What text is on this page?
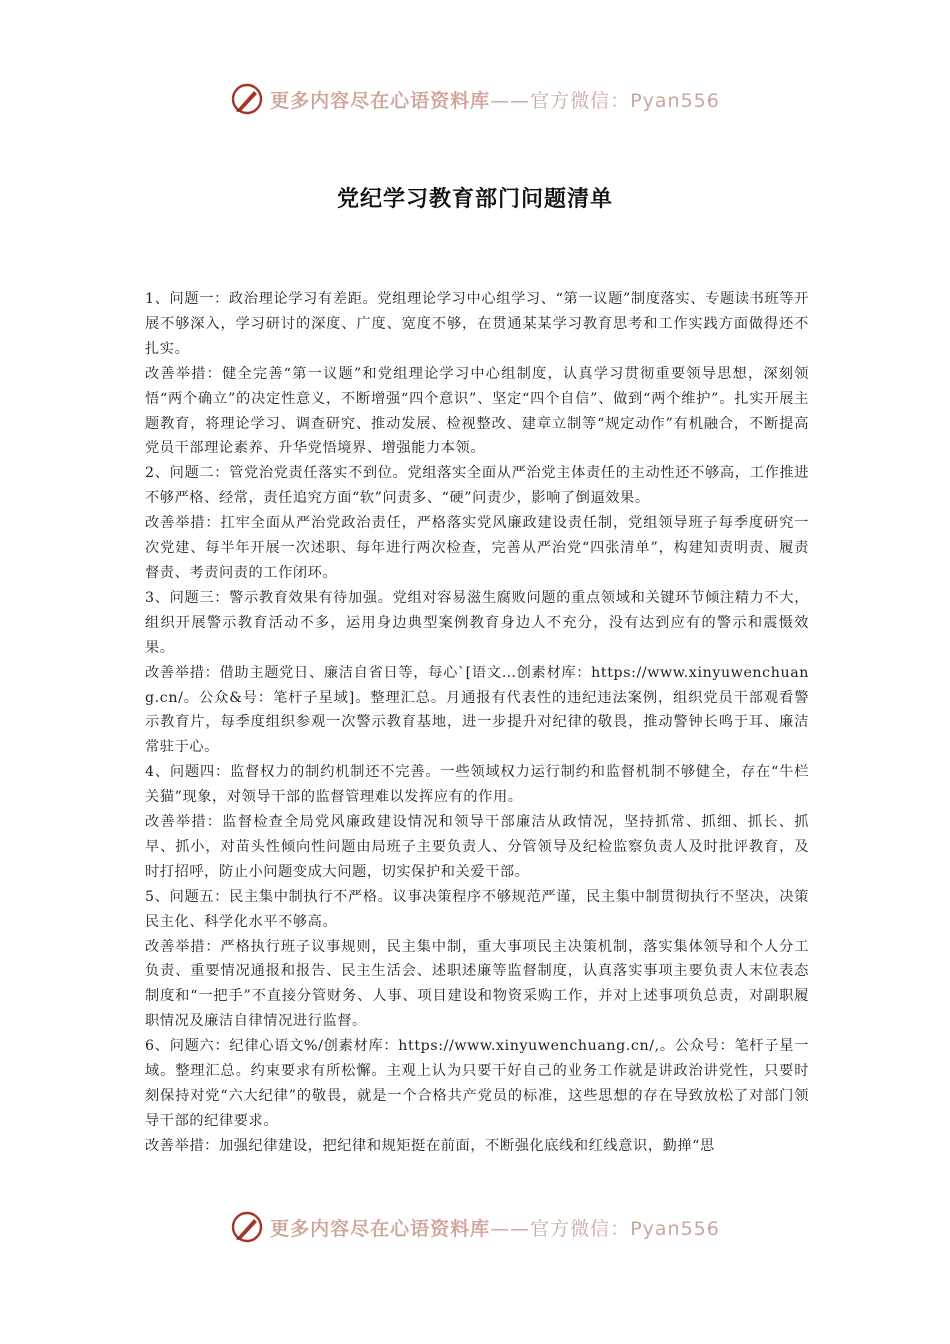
更多内容尽在心语资料库——官方微信：Pyan556
党纪学习教育部门问题清单

1、问题一：政治理论学习有差距。党组理论学习中心组学习、“第一议题”制度落实、专题读书班等开展不够深入，学习研讨的深度、广度、宽度不够，在贯通某某学习教育思考和工作实践方面做得还不扎实。

改善举措：健全完善“第一议题”和党组理论学习中心组制度，认真学习贯彻重要领导思想，深刻领悟“两个确立”的决定性意义，不断增强“四个意识”、坚定“四个自信”、做到“两个维护”。扎实开展主题教育，将理论学习、调查研究、推动发展、检视整改、建章立制等“规定动作”有机融合，不断提高党员干部理论素养、升华党悟境界、增强能力本领。

2、问题二：管党治党责任落实不到位。党组落实全面从严治党主体责任的主动性还不够高，工作推进不够严格、经常，责任追究方面“软”问责多、“硬”问责少，影响了倒逼效果。

改善举措：扛牢全面从严治党政治责任，严格落实党风廉政建设责任制，党组领导班子每季度研究一次党建、每半年开展一次述职、每年进行两次检查，完善从严治党“四张清单”，构建知责明责、履责督责、考责问责的工作闭环。

3、问题三：警示教育效果有待加强。党组对容易滋生腐败问题的重点领域和关键环节倾注精力不大，组织开展警示教育活动不多，运用身边典型案例教育身边人不充分，没有达到应有的警示和震慑效果。

改善举措：借助主题党日、廉洁自省日等，每心`[语文…创素材库：https://www.xinyuwenchuang.cn/。公众&号：笔杆子星域]。整理汇总。月通报有代表性的违纪违法案例，组织党员干部观看警示教育片，每季度组织参观一次警示教育基地，进一步提升对纪律的敬畏，推动警钟长鸣于耳、廉洁常驻于心。

4、问题四：监督权力的制约机制还不完善。一些领域权力运行制约和监督机制不够健全，存在“牛栏关猫”现象，对领导干部的监督管理难以发挥应有的作用。

改善举措：监督检查全局党风廉政建设情况和领导干部廉洁从政情况，坚持抓常、抓细、抓长、抓早、抓小，对苗头性倾向性问题由局班子主要负责人、分管领导及纪检监察负责人及时批评教育，及时打招呼，防止小问题变成大问题，切实保护和关爱干部。

5、问题五：民主集中制执行不严格。议事决策程序不够规范严谨，民主集中制贯彻执行不坚决，决策民主化、科学化水平不够高。

改善举措：严格执行班子议事规则，民主集中制，重大事项民主决策机制，落实集体领导和个人分工负责、重要情况通报和报告、民主生活会、述职述廉等监督制度，认真落实事项主要负责人末位表态制度和“一把手”不直接分管财务、人事、项目建设和物资采购工作，并对上述事项负总责，对副职履职情况及廉洁自律情况进行监督。

6、问题六：纪律心语文%/创素材库：https://www.xinyuwenchuang.cn/,。公众号：笔杆子星一域。整理汇总。约束要求有所松懈。主观上认为只要干好自己的业务工作就是讲政治讲党性，只要时刻保持对党“六大纪律”的敬畏，就是一个合格共产党员的标准，这些思想的存在导致放松了对部门领导干部的纪律要求。

改善举措：加强纪律建设，把纪律和规矩挺在前面，不断强化底线和红线意识，勤掸“思

更多内容尽在心语资料库——官方微信：Pyan556
